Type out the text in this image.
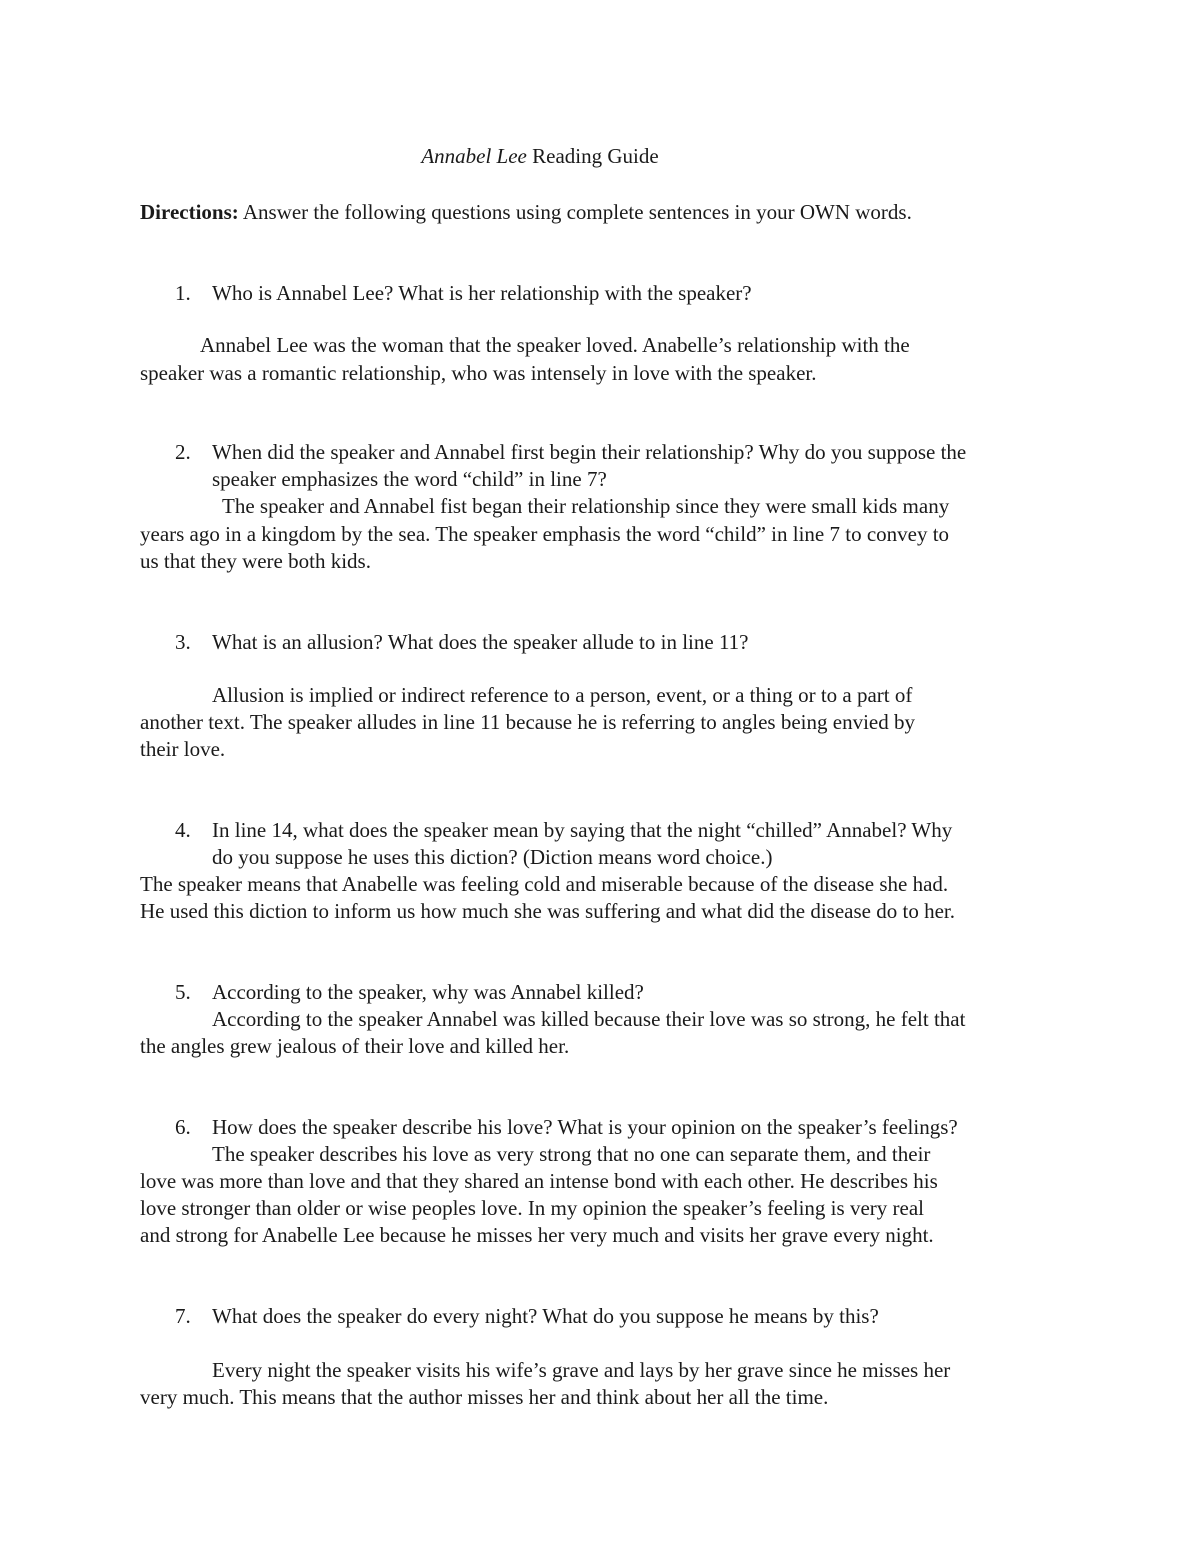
Annabel Lee Reading Guide
Directions: Answer the following questions using complete sentences in your OWN words.
1. Who is Annabel Lee? What is her relationship with the speaker?
Annabel Lee was the woman that the speaker loved. Anabelle’s relationship with the
speaker was a romantic relationship, who was intensely in love with the speaker.
2. When did the speaker and Annabel first begin their relationship? Why do you suppose the
speaker emphasizes the word “child” in line 7?
The speaker and Annabel fist began their relationship since they were small kids many
years ago in a kingdom by the sea. The speaker emphasis the word “child” in line 7 to convey to
us that they were both kids.
3. What is an allusion? What does the speaker allude to in line 11?
Allusion is implied or indirect reference to a person, event, or a thing or to a part of
another text. The speaker alludes in line 11 because he is referring to angles being envied by
their love.
4. In line 14, what does the speaker mean by saying that the night “chilled” Annabel? Why
do you suppose he uses this diction? (Diction means word choice.)
The speaker means that Anabelle was feeling cold and miserable because of the disease she had.
He used this diction to inform us how much she was suffering and what did the disease do to her.
5. According to the speaker, why was Annabel killed?
According to the speaker Annabel was killed because their love was so strong, he felt that
the angles grew jealous of their love and killed her.
6. How does the speaker describe his love? What is your opinion on the speaker’s feelings?
The speaker describes his love as very strong that no one can separate them, and their
love was more than love and that they shared an intense bond with each other. He describes his
love stronger than older or wise peoples love. In my opinion the speaker’s feeling is very real
and strong for Anabelle Lee because he misses her very much and visits her grave every night.
7. What does the speaker do every night? What do you suppose he means by this?
Every night the speaker visits his wife’s grave and lays by her grave since he misses her
very much. This means that the author misses her and think about her all the time.
